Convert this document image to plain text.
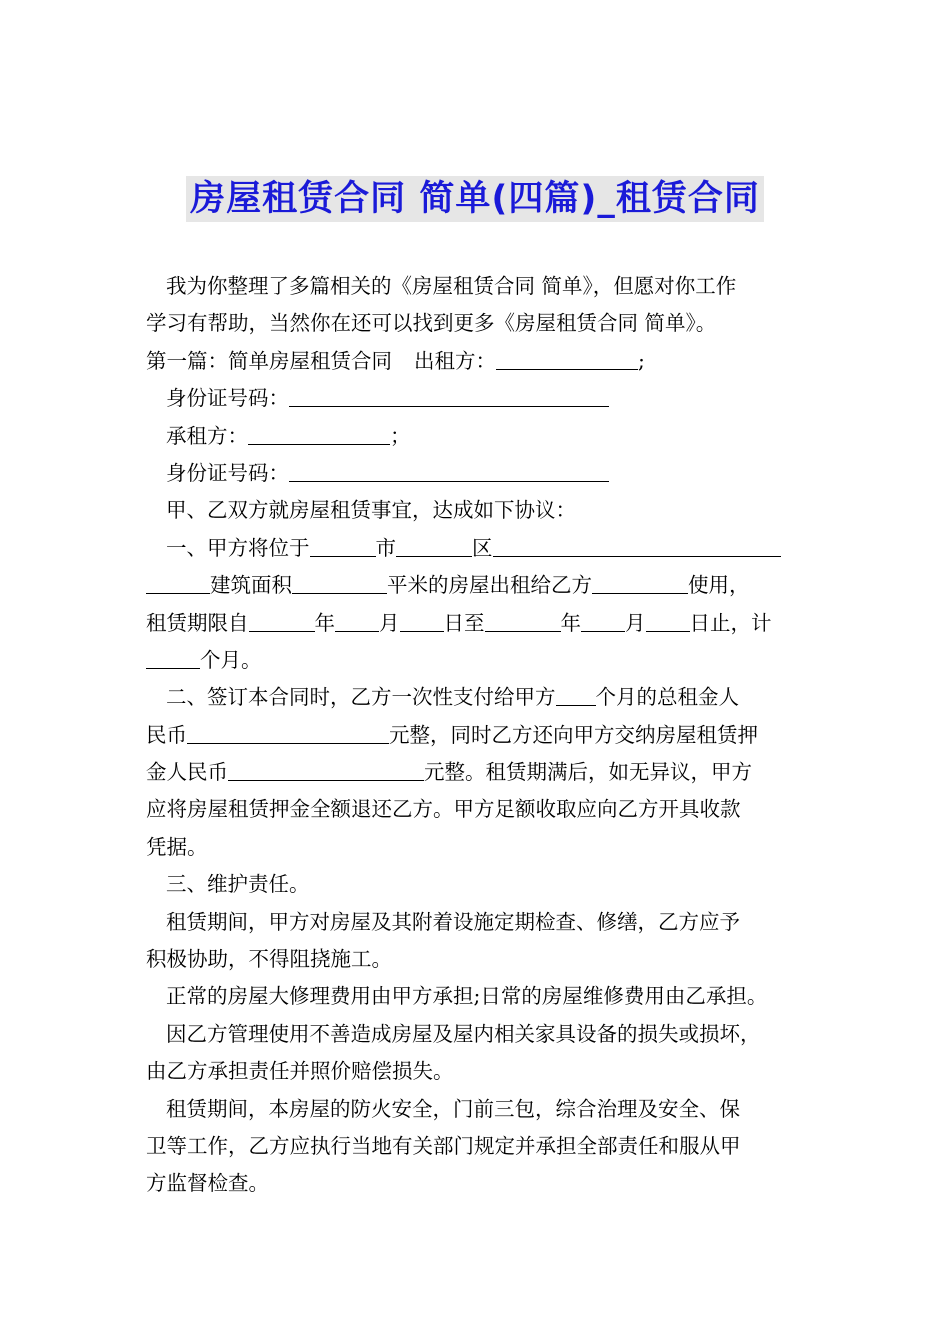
房屋租赁合同 简单(四篇)_租赁合同
我为你整理了多篇相关的《房屋租赁合同 简单》，但愿对你工作
学习有帮助，当然你在还可以找到更多《房屋租赁合同 简单》。
第一篇：简单房屋租赁合同 出租方：	;
身份证号码：
承租方：	；
身份证号码：
甲、乙双方就房屋租赁事宜，达成如下协议：
一、甲方将位于	市	区
建筑面积	平米的房屋出租给乙方	使用，
租赁期限自	年 月 日至	年 月 日止，计
个月。
二、签订本合同时，乙方一次性支付给甲方 个月的总租金人
民币	元整，同时乙方还向甲方交纳房屋租赁押
金人民币	元整。租赁期满后，如无异议，甲方
应将房屋租赁押金全额退还乙方。甲方足额收取应向乙方开具收款
凭据。
三、维护责任。
租赁期间，甲方对房屋及其附着设施定期检查、修缮，乙方应予
积极协助，不得阻挠施工。
正常的房屋大修理费用由甲方承担;日常的房屋维修费用由乙承担。
因乙方管理使用不善造成房屋及屋内相关家具设备的损失或损坏，
由乙方承担责任并照价赔偿损失。
租赁期间，本房屋的防火安全，门前三包，综合治理及安全、保
卫等工作，乙方应执行当地有关部门规定并承担全部责任和服从甲
方监督检查。
